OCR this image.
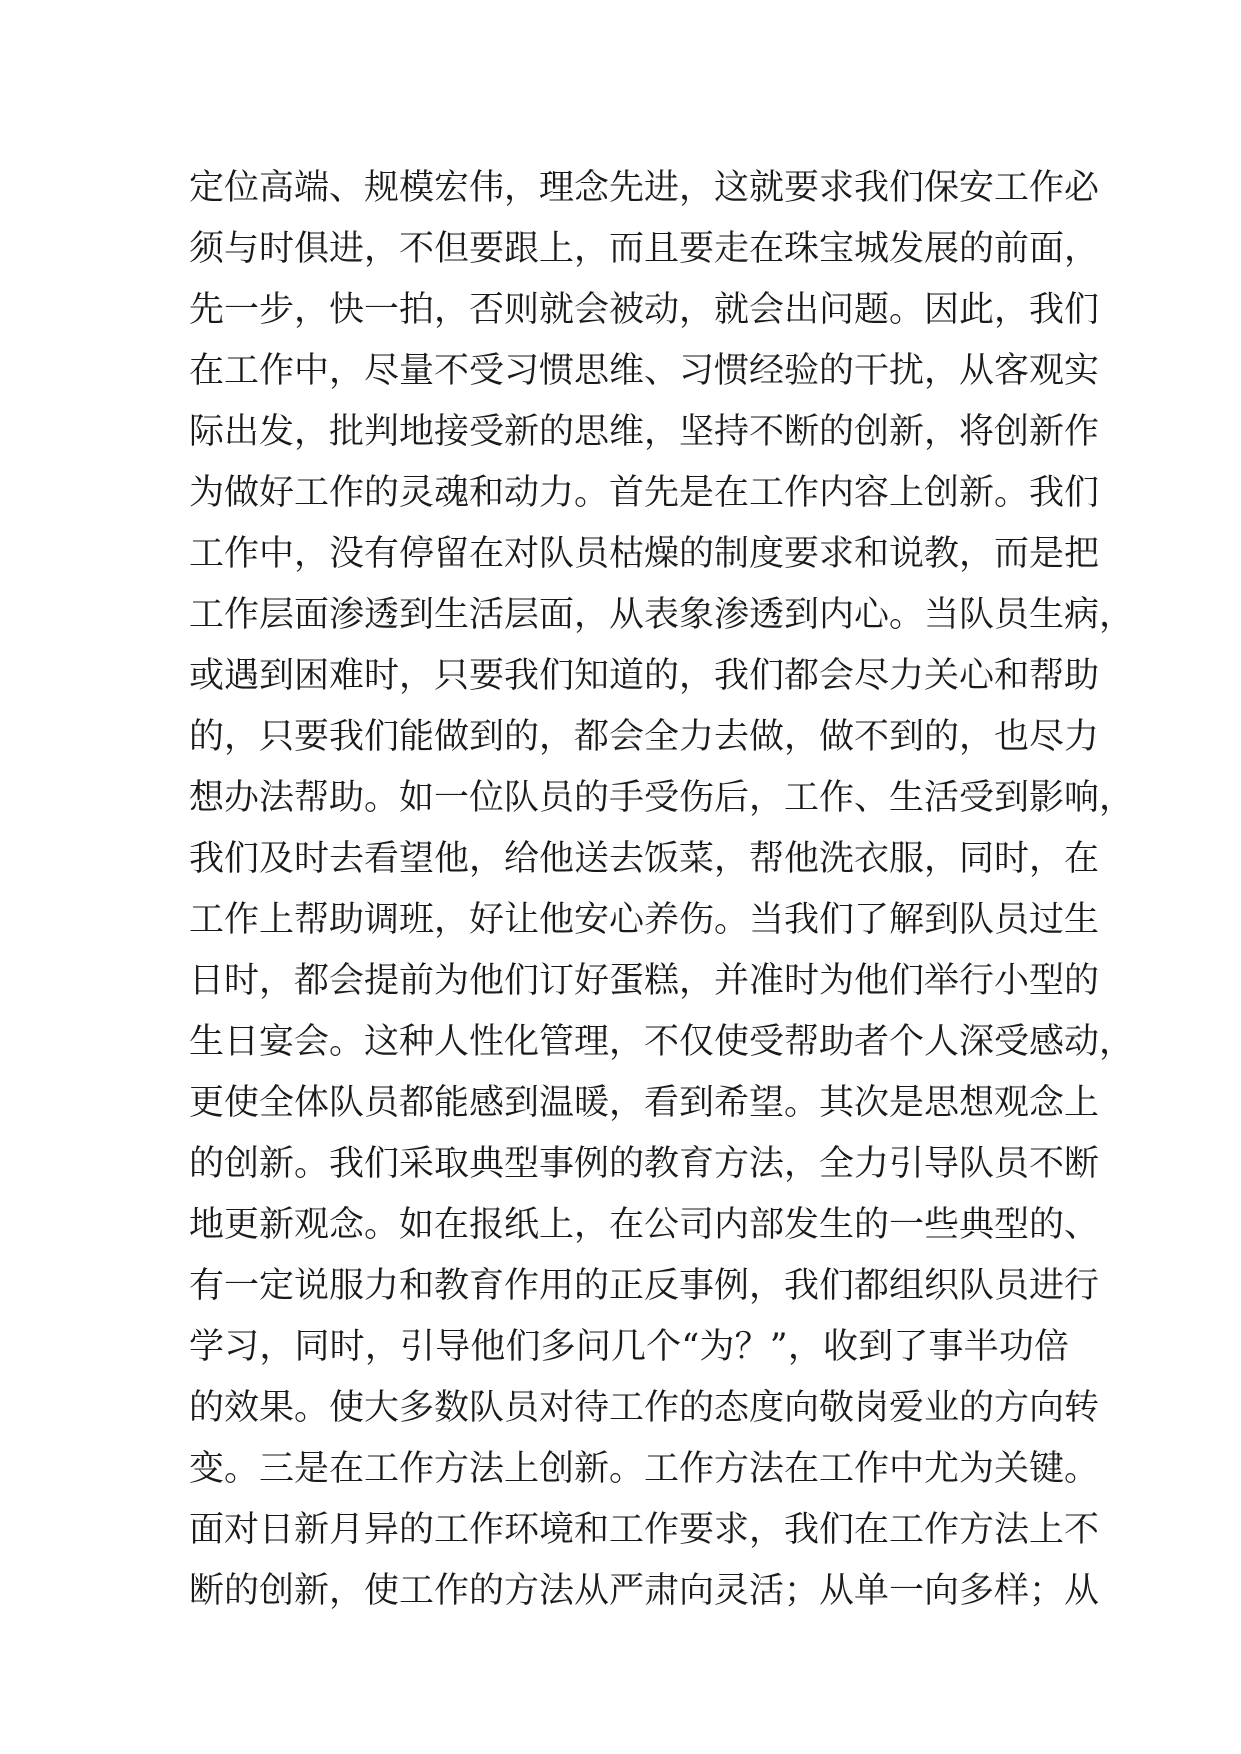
定位高端、规模宏伟，理念先进，这就要求我们保安工作必
须与时俱进，不但要跟上，而且要走在珠宝城发展的前面，
先一步，快一拍，否则就会被动，就会出问题。因此，我们
在工作中，尽量不受习惯思维、习惯经验的干扰，从客观实
际出发，批判地接受新的思维，坚持不断的创新，将创新作
为做好工作的灵魂和动力。首先是在工作内容上创新。我们
工作中，没有停留在对队员枯燥的制度要求和说教，而是把
工作层面渗透到生活层面，从表象渗透到内心。当队员生病，
或遇到困难时，只要我们知道的，我们都会尽力关心和帮助
的，只要我们能做到的，都会全力去做，做不到的，也尽力
想办法帮助。如一位队员的手受伤后，工作、生活受到影响，
我们及时去看望他，给他送去饭菜，帮他洗衣服，同时，在
工作上帮助调班，好让他安心养伤。当我们了解到队员过生
日时，都会提前为他们订好蛋糕，并准时为他们举行小型的
生日宴会。这种人性化管理，不仅使受帮助者个人深受感动，
更使全体队员都能感到温暖，看到希望。其次是思想观念上
的创新。我们采取典型事例的教育方法，全力引导队员不断
地更新观念。如在报纸上，在公司内部发生的一些典型的、
有一定说服力和教育作用的正反事例，我们都组织队员进行
学习，同时，引导他们多问几个“为？”，收到了事半功倍
的效果。使大多数队员对待工作的态度向敬岗爱业的方向转
变。三是在工作方法上创新。工作方法在工作中尤为关键。
面对日新月异的工作环境和工作要求，我们在工作方法上不
断的创新，使工作的方法从严肃向灵活；从单一向多样；从
